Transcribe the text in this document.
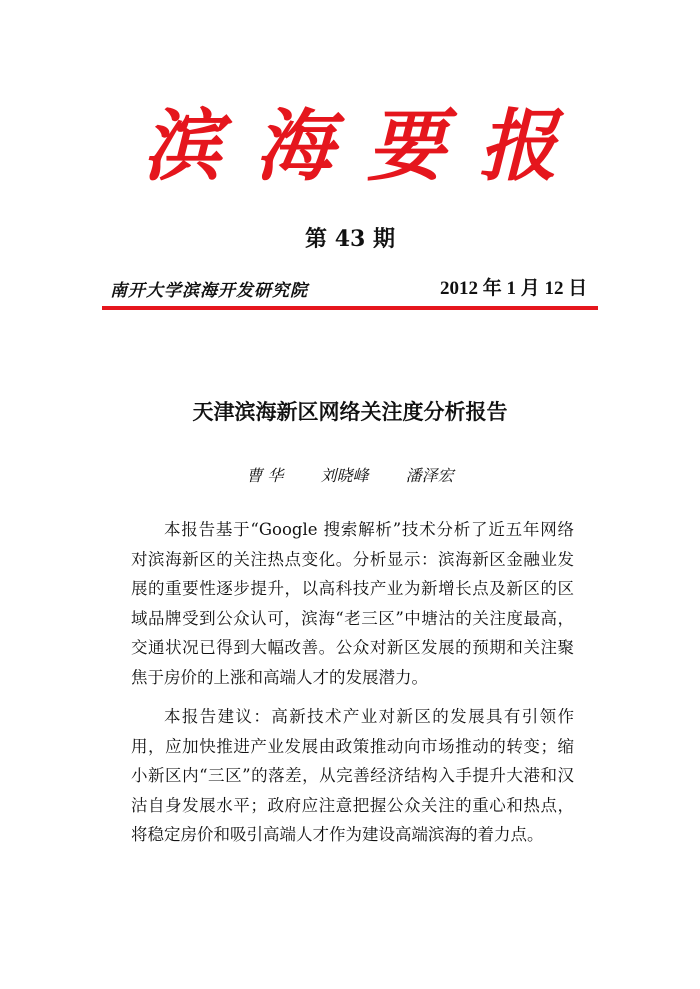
滨海要报
第 43 期
南开大学滨海开发研究院	2012 年 1 月 12 日
天津滨海新区网络关注度分析报告
曹 华 刘晓峰 潘泽宏

本报告基于“Google 搜索解析”技术分析了近五年网络对滨海新区的关注热点变化。分析显示：滨海新区金融业发展的重要性逐步提升，以高科技产业为新增长点及新区的区域品牌受到公众认可，滨海“老三区”中塘沽的关注度最高，交通状况已得到大幅改善。公众对新区发展的预期和关注聚焦于房价的上涨和高端人才的发展潜力。

本报告建议：高新技术产业对新区的发展具有引领作用，应加快推进产业发展由政策推动向市场推动的转变；缩小新区内“三区”的落差，从完善经济结构入手提升大港和汉沽自身发展水平；政府应注意把握公众关注的重心和热点，将稳定房价和吸引高端人才作为建设高端滨海的着力点。
